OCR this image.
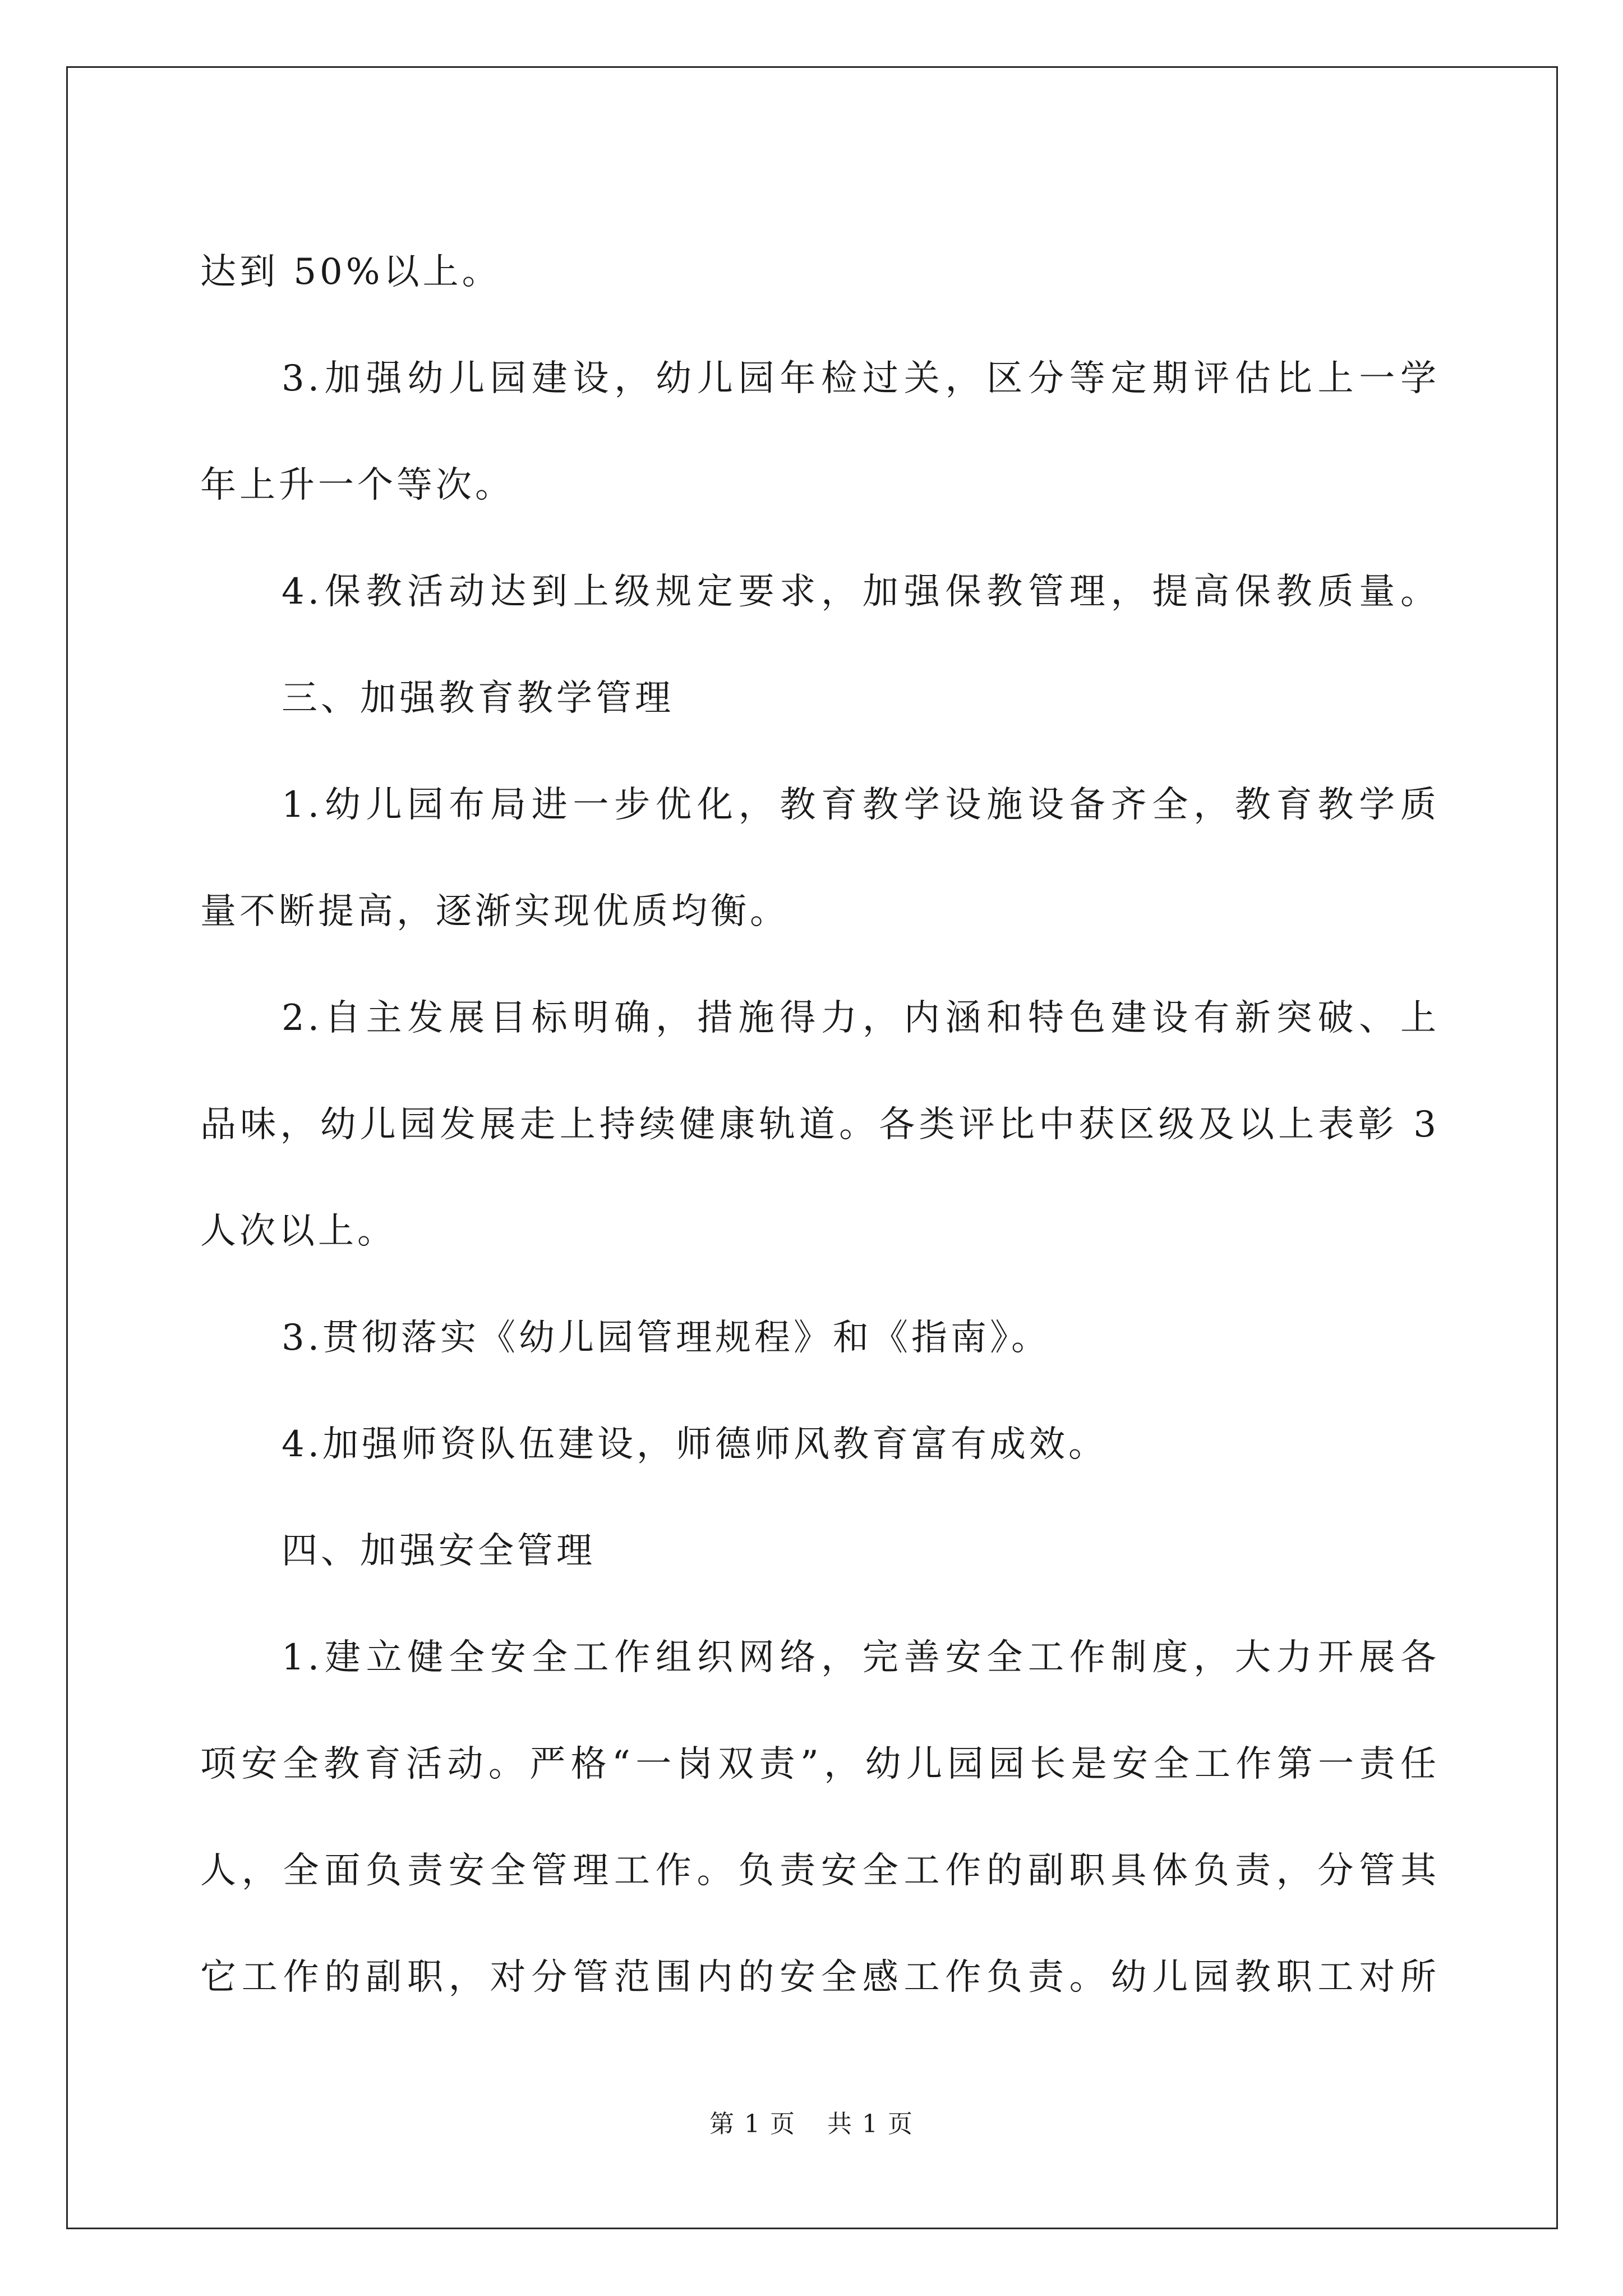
达到 50%以上。
3.加强幼儿园建设，幼儿园年检过关，区分等定期评估比上一学
年上升一个等次。
4.保教活动达到上级规定要求，加强保教管理，提高保教质量。
三、加强教育教学管理
1.幼儿园布局进一步优化，教育教学设施设备齐全，教育教学质
量不断提高，逐渐实现优质均衡。
2.自主发展目标明确，措施得力，内涵和特色建设有新突破、上
品味，幼儿园发展走上持续健康轨道。各类评比中获区级及以上表彰 3
人次以上。
3.贯彻落实《幼儿园管理规程》和《指南》。
4.加强师资队伍建设，师德师风教育富有成效。
四、加强安全管理
1.建立健全安全工作组织网络，完善安全工作制度，大力开展各
项安全教育活动。严格“一岗双责”，幼儿园园长是安全工作第一责任
人，全面负责安全管理工作。负责安全工作的副职具体负责，分管其
它工作的副职，对分管范围内的安全感工作负责。幼儿园教职工对所

第 1 页 共 1 页
